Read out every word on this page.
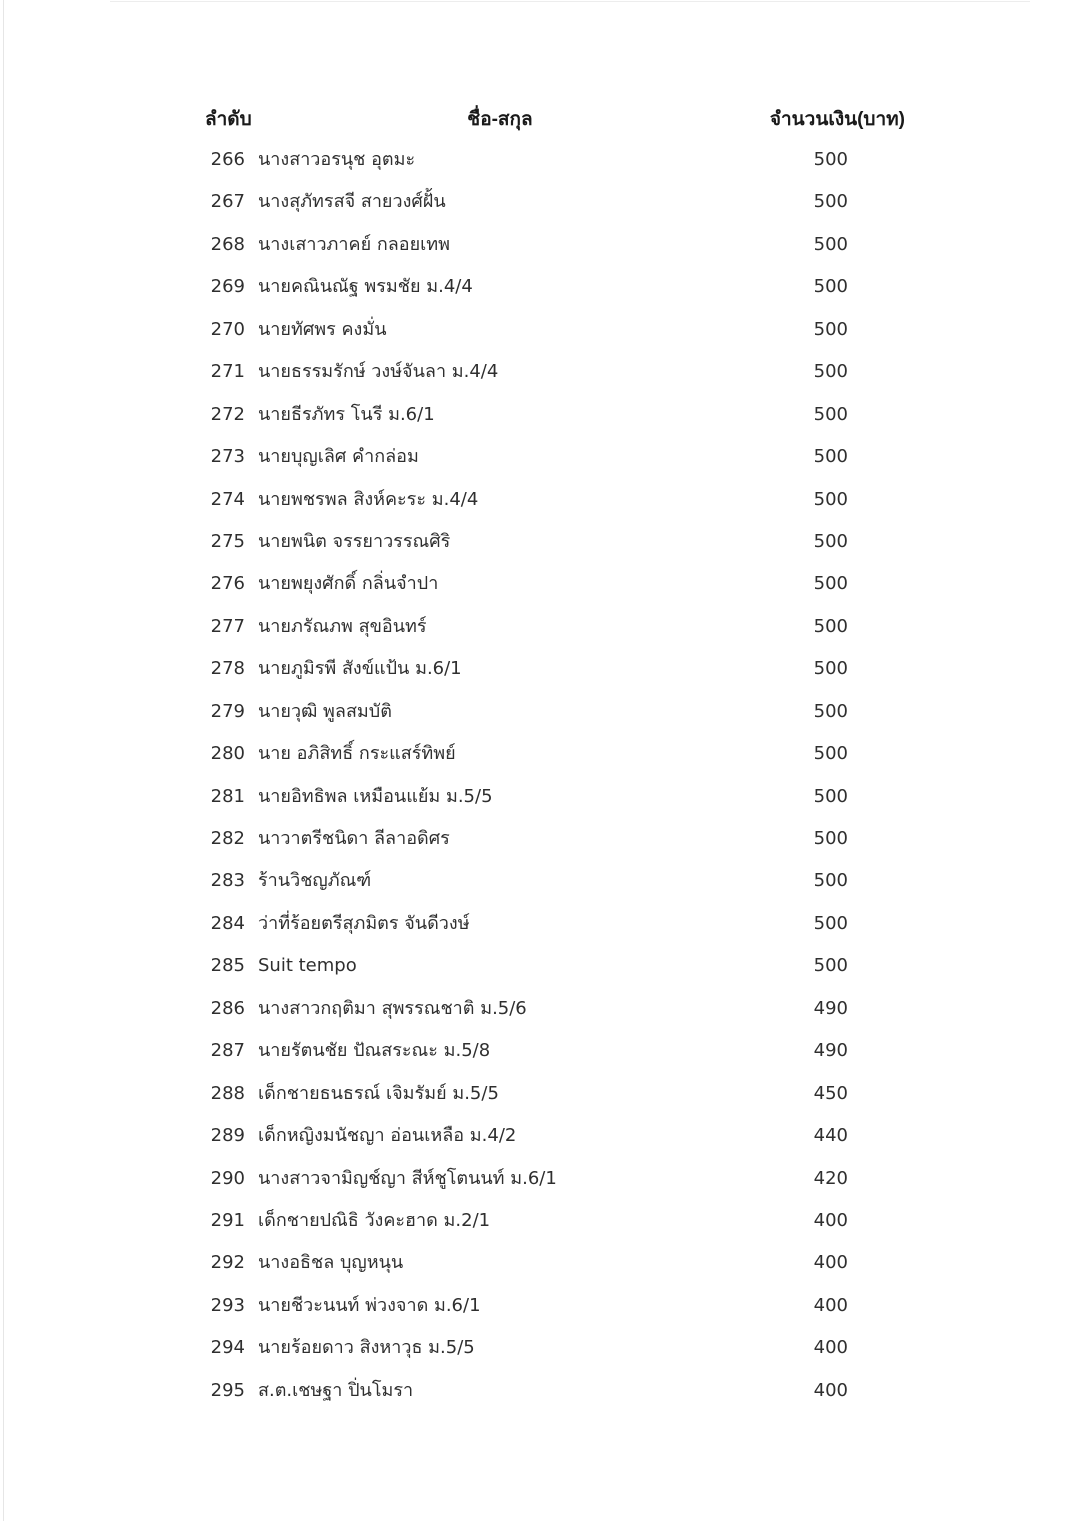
ลำดับ	ชื่อ-สกุล	จำนวนเงิน(บาท)
266 นางสาวอรนุช อุตมะ	500
267 นางสุภัทรสจี สายวงศ์ฝั้น	500
268 นางเสาวภาคย์ กลอยเทพ	500
269 นายคณินณัฐ พรมชัย ม.4/4	500
270 นายทัศพร คงมั่น	500
271 นายธรรมรักษ์ วงษ์จันลา ม.4/4	500
272 นายธีรภัทร โนรี ม.6/1	500
273 นายบุญเลิศ คำกล่อม	500
274 นายพชรพล สิงห์คะระ ม.4/4	500
275 นายพนิต จรรยาวรรณศิริ	500
276 นายพยุงศักดิ์ กลิ่นจำปา	500
277 นายภรัณภพ สุขอินทร์	500
278 นายภูมิรพี สังข์แป้น ม.6/1	500
279 นายวุฒิ พูลสมบัติ	500
280 นาย อภิสิทธิ์ กระแสร์ทิพย์	500
281 นายอิทธิพล เหมือนแย้ม ม.5/5	500
282 นาวาตรีชนิดา ลีลาอดิศร	500
283 ร้านวิชญภัณฑ์	500
284 ว่าที่ร้อยตรีสุภมิตร จันดีวงษ์	500
285 Suit tempo	500
286 นางสาวกฤติมา สุพรรณชาติ ม.5/6	490
287 นายรัตนชัย ปัณสระณะ ม.5/8	490
288 เด็กชายธนธรณ์ เจิมรัมย์ ม.5/5	450
289 เด็กหญิงมนัชญา อ่อนเหลือ ม.4/2	440
290 นางสาวจามิญช์ญา สีห์ชูโตนนท์ ม.6/1	420
291 เด็กชายปณิธิ วังคะฮาด ม.2/1	400
292 นางอธิชล บุญหนุน	400
293 นายชีวะนนท์ พ่วงจาด ม.6/1	400
294 นายร้อยดาว สิงหาวุธ ม.5/5	400
295 ส.ต.เชษฐา ปิ่นโมรา	400
